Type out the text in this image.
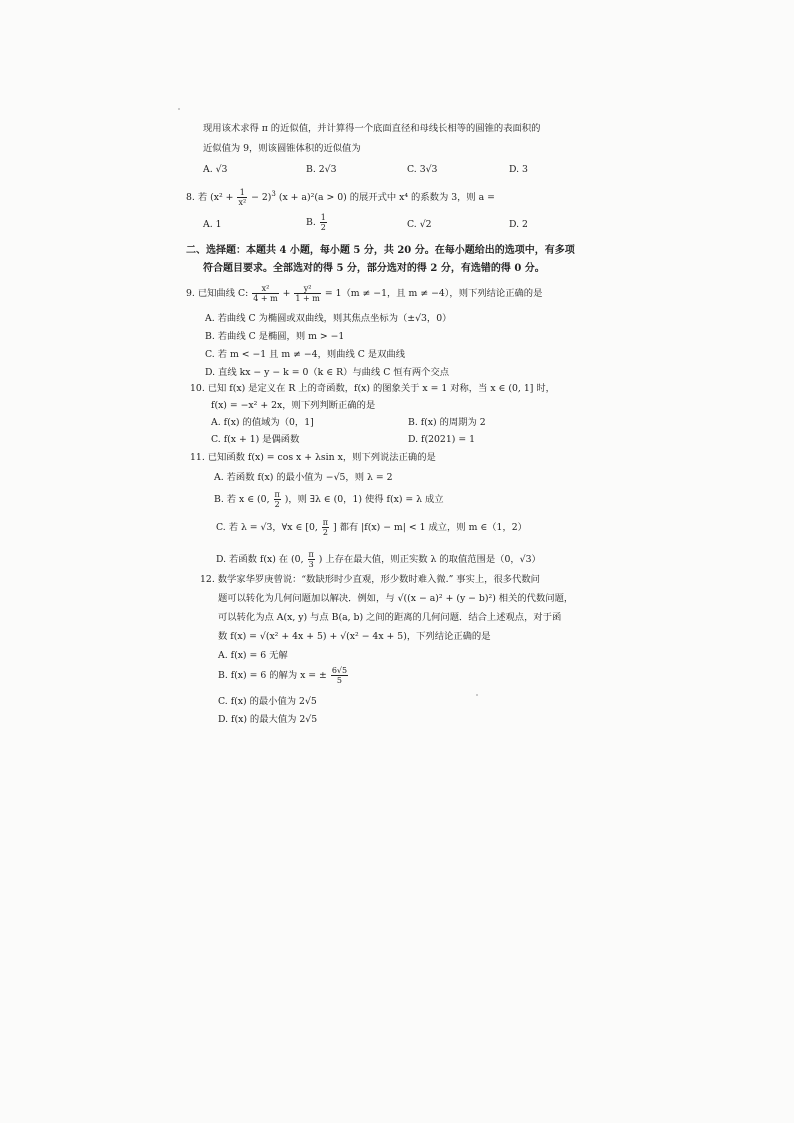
现用该术求得 π 的近似值，并计算得一个底面直径和母线长相等的圆锥的表面积的
近似值为 9，则该圆锥体积的近似值为
A. √3	B. 2√3	C. 3√3	D. 3
8. 若 $(x^2 + \frac{1}{\text{x²}} - 2)^3$ (x + a)²(a > 0) 的展开式中 x⁴ 的系数为 3，则 a =
A. 1	B. $\frac{1}{2}$	C. √2	D. 2
二、选择题：本题共 4 小题，每小题 5 分，共 20 分。在每小题给出的选项中，有多项
符合题目要求。全部选对的得 5 分，部分选对的得 2 分，有选错的得 0 分。
9. 已知曲线 C: $\frac{\text{x²}}{4 + m} + \frac{\text{y²}}{1 + m} = 1(m \ne -1$，且 m ≠ −4），则下列结论正确的是
A. 若曲线 C 为椭圆或双曲线，则其焦点坐标为（±√3，0）
B. 若曲线 C 是椭圆，则 m > −1
C. 若 m < −1 且 m ≠ −4，则曲线 C 是双曲线
D. 直线 kx − y − k = 0（k ∈ R）与曲线 C 恒有两个交点
10. 已知 f(x) 是定义在 R 上的奇函数，f(x) 的图象关于 x = 1 对称，当 x ∈ (0, 1] 时，
f(x) = −x² + 2x，则下列判断正确的是
A. f(x) 的值域为（0，1]	B. f(x) 的周期为 2
C. f(x + 1) 是偶函数	D. f(2021) = 1
11. 已知函数 f(x) = cos x + λsin x，则下列说法正确的是
A. 若函数 f(x) 的最小值为 −√5，则 λ = 2
B. 若 x ∈ (0, $\frac{\pi}{2}$ )，则 ∃λ ∈ (0，1) 使得 f(x) = λ 成立
C. 若 λ = √3，∀x ∈ [0, $\frac{\pi}{2}$ ] 都有 |f(x) − m| < 1 成立，则 m ∈（1，2）
D. 若函数 f(x) 在 (0, $\frac{\pi}{3}$ ) 上存在最大值，则正实数 λ 的取值范围是（0，√3）
12. 数学家华罗庚曾说：“数缺形时少直观，形少数时难入微.” 事实上，很多代数问
题可以转化为几何问题加以解决．例如，与 √((x − a)² + (y − b)²) 相关的代数问题，
可以转化为点 A(x, y) 与点 B(a, b) 之间的距离的几何问题．结合上述观点，对于函
数 f(x) = √(x² + 4x + 5) + √(x² − 4x + 5)，下列结论正确的是
A. f(x) = 6 无解
B. f(x) = 6 的解为 x = ± $\frac{6√5}{5}$
C. f(x) 的最小值为 2√5
D. f(x) 的最大值为 2√5
